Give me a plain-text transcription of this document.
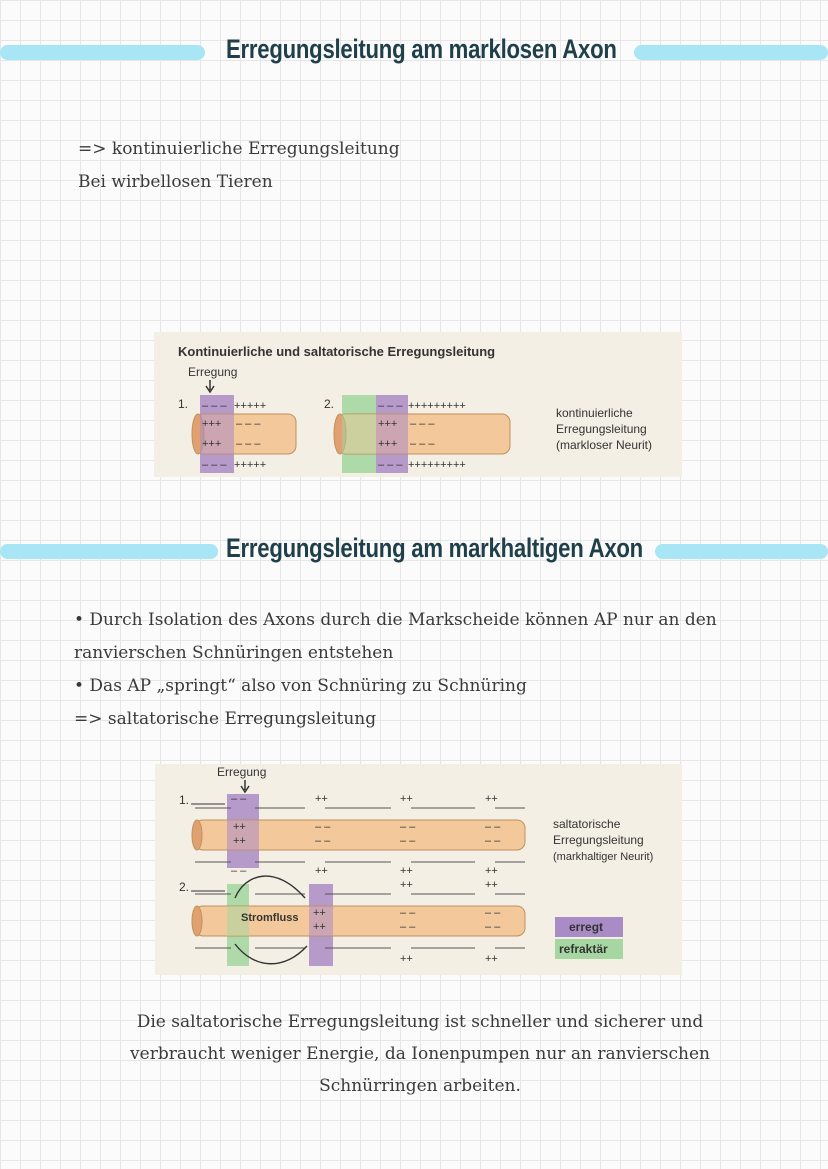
Erregungsleitung am marklosen Axon
=> kontinuierliche Erregungsleitung
Bei wirbellosen Tieren
Kontinuierliche und saltatorische Erregungsleitung
Erregung
1. – – – +++++
+++ – – –
+++ – – –
– – – +++++
2.	– – – +++++++++
+++ – – –
+++ – – –
– – – +++++++++
kontinuierliche
Erregungsleitung
(markloser Neurit)
Erregungsleitung am markhaltigen Axon
• Durch Isolation des Axons durch die Markscheide können AP nur an den
ranvierschen Schnüringen entstehen
• Das AP „springt“ also von Schnüring zu Schnüring
=> saltatorische Erregungsleitung
Erregung
1.	– –	++	++	++
++
++
– –
– –
– –
– –
– –
– –
– –	++	++	++
saltatorische
Erregungsleitung
(markhaltiger Neurit)
2.
Stromfluss
++	++
++
++
– –
– –
– –
– –
++	++
erregt
refraktär
Die saltatorische Erregungsleitung ist schneller und sicherer und
verbraucht weniger Energie, da Ionenpumpen nur an ranvierschen
Schnürringen arbeiten.
